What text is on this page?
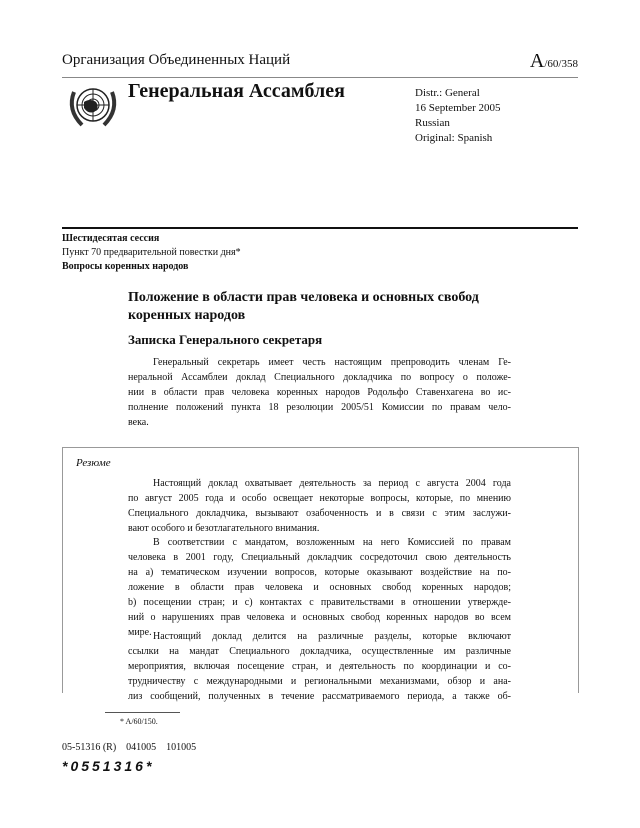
Организация Объединенных Наций	A/60/358
Генеральная Ассамблея	Distr.: General
16 September 2005
Russian
Original: Spanish
Шестидесятая сессия
Пункт 70 предварительной повестки дня*
Вопросы коренных народов
Положение в области прав человека и основных свобод
коренных народов
Записка Генерального секретаря
Генеральный секретарь имеет честь настоящим препроводить членам Ге-
неральной Ассамблеи доклад Специального докладчика по вопросу о положе-
нии в области прав человека коренных народов Родольфо Ставенхагена во ис-
полнение положений пункта 18 резолюции 2005/51 Комиссии по правам чело-
века.
Резюме
Настоящий доклад охватывает деятельность за период с августа 2004 года
по август 2005 года и особо освещает некоторые вопросы, которые, по мнению
Специального докладчика, вызывают озабоченность и в связи с этим заслужи-
вают особого и безотлагательного внимания.
В соответствии с мандатом, возложенным на него Комиссией по правам
человека в 2001 году, Специальный докладчик сосредоточил свою деятельность
на a) тематическом изучении вопросов, которые оказывают воздействие на по-
ложение в области прав человека и основных свобод коренных народов;
b) посещении стран; и c) контактах с правительствами в отношении утвержде-
ний о нарушениях прав человека и основных свобод коренных народов во всем
мире. Настоящий доклад делится на различные разделы, которые включают
ссылки на мандат Специального докладчика, осуществленные им различные
мероприятия, включая посещение стран, и деятельность по координации и со-
трудничеству с международными и региональными механизмами, обзор и ана-
лиз сообщений, полученных в течение рассматриваемого периода, а также об-
* A/60/150.
05-51316 (R)    041005    101005
*0551316*
